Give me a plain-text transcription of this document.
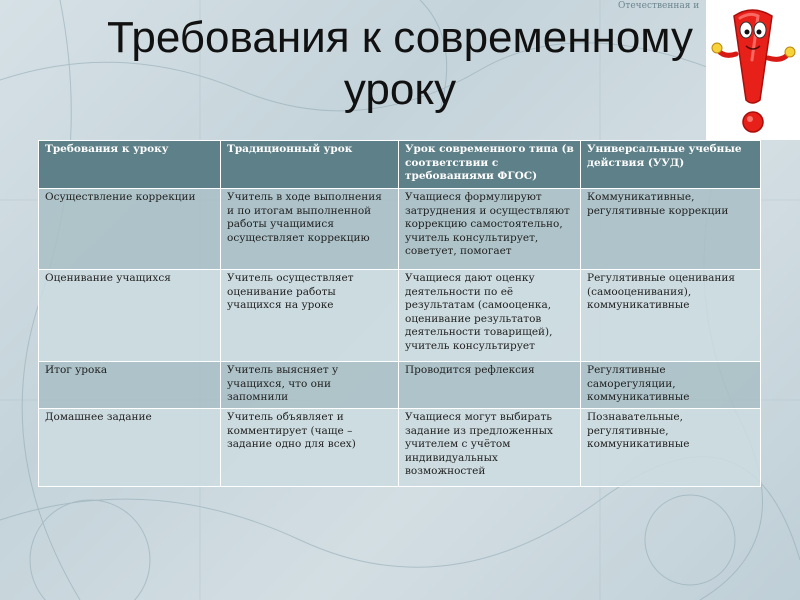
Отечественная и
Требования к современному
уроку
Требования к уроку	Традиционный урок	Урок современного типа (в соответствии с требованиями ФГОС)	Универсальные учебные действия (УУД)
Осуществление коррекции	Учитель в ходе выполнения и по итогам выполненной работы учащимися осуществляет коррекцию	Учащиеся формулируют затруднения и осуществляют коррекцию самостоятельно, учитель консультирует, советует, помогает	Коммуникативные, регулятивные коррекции
Оценивание учащихся	Учитель осуществляет оценивание работы учащихся на уроке	Учащиеся дают оценку деятельности по её результатам (самооценка, оценивание результатов деятельности товарищей), учитель консультирует	Регулятивные оценивания (самооценивания), коммуникативные
Итог урока	Учитель выясняет у учащихся, что они запомнили	Проводится рефлексия	Регулятивные саморегуляции, коммуникативные
Домашнее задание	Учитель объявляет и комментирует (чаще – задание одно для всех)	Учащиеся могут выбирать задание из предложенных учителем с учётом индивидуальных возможностей	Познавательные, регулятивные, коммуникативные
